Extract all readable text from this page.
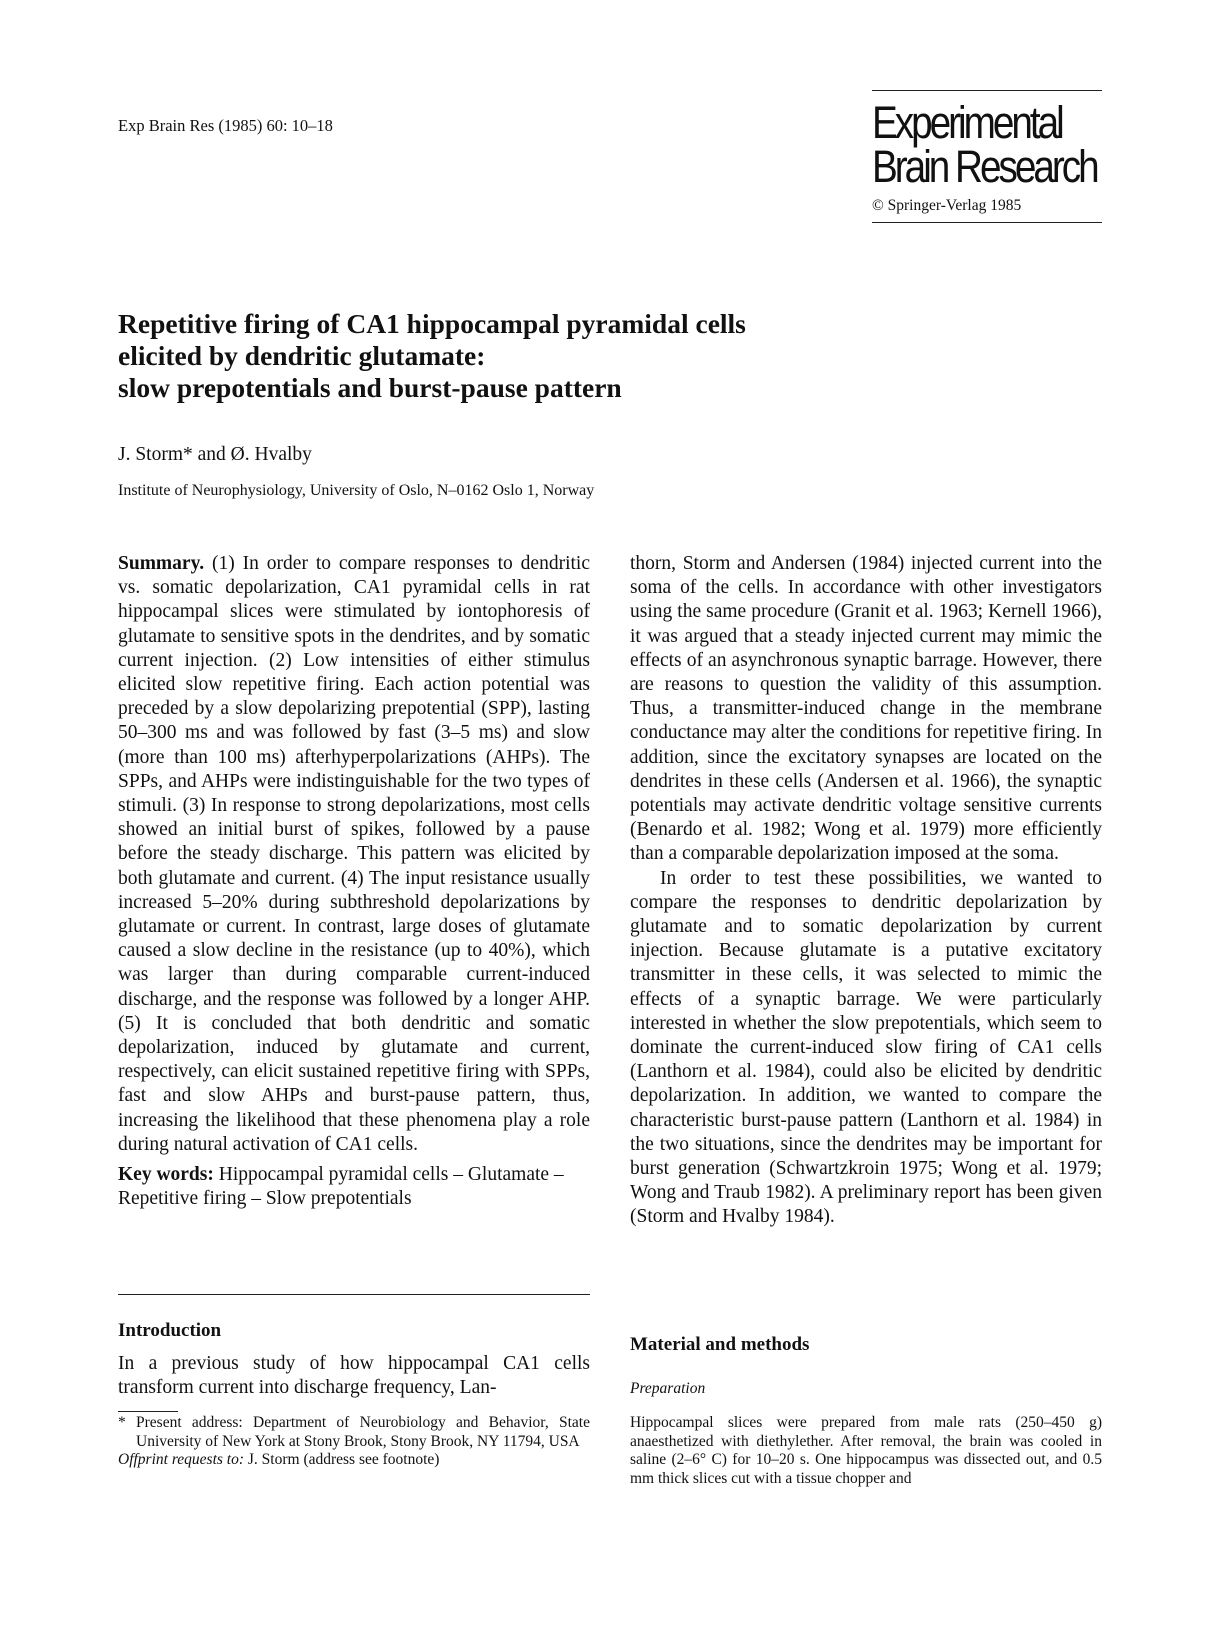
Exp Brain Res (1985) 60: 10–18	Experimental
Brain Research
© Springer-Verlag 1985
Repetitive firing of CA1 hippocampal pyramidal cells
elicited by dendritic glutamate:
slow prepotentials and burst-pause pattern
J. Storm* and Ø. Hvalby
Institute of Neurophysiology, University of Oslo, N–0162 Oslo 1, Norway

Summary. (1) In order to compare responses to dendritic vs. somatic depolarization, CA1 pyramidal cells in rat hippocampal slices were stimulated by iontophoresis of glutamate to sensitive spots in the dendrites, and by somatic current injection. (2) Low intensities of either stimulus elicited slow repetitive firing. Each action potential was preceded by a slow depolarizing prepotential (SPP), lasting 50–300 ms and was followed by fast (3–5 ms) and slow (more than 100 ms) afterhyperpolarizations (AHPs). The SPPs, and AHPs were indistinguishable for the two types of stimuli. (3) In response to strong depolarizations, most cells showed an initial burst of spikes, followed by a pause before the steady discharge. This pattern was elicited by both glutamate and current. (4) The input resistance usually increased 5–20% during subthreshold depolarizations by glutamate or current. In contrast, large doses of glutamate caused a slow decline in the resistance (up to 40%), which was larger than during comparable current-induced discharge, and the response was followed by a longer AHP. (5) It is concluded that both dendritic and somatic depolarization, induced by glutamate and current, respectively, can elicit sustained repetitive firing with SPPs, fast and slow AHPs and burst-pause pattern, thus, increasing the likelihood that these phenomena play a role during natural activation of CA1 cells.

Key words: Hippocampal pyramidal cells – Glutamate – Repetitive firing – Slow prepotentials

Introduction
In a previous study of how hippocampal CA1 cells transform current into discharge frequency, Lan-
* Present address: Department of Neurobiology and Behavior, State University of New York at Stony Brook, Stony Brook, NY 11794, USA
Offprint requests to: J. Storm (address see footnote)

thorn, Storm and Andersen (1984) injected current into the soma of the cells. In accordance with other investigators using the same procedure (Granit et al. 1963; Kernell 1966), it was argued that a steady injected current may mimic the effects of an asynchronous synaptic barrage. However, there are reasons to question the validity of this assumption. Thus, a transmitter-induced change in the membrane conductance may alter the conditions for repetitive firing. In addition, since the excitatory synapses are located on the dendrites in these cells (Andersen et al. 1966), the synaptic potentials may activate dendritic voltage sensitive currents (Benardo et al. 1982; Wong et al. 1979) more efficiently than a comparable depolarization imposed at the soma.

In order to test these possibilities, we wanted to compare the responses to dendritic depolarization by glutamate and to somatic depolarization by current injection. Because glutamate is a putative excitatory transmitter in these cells, it was selected to mimic the effects of a synaptic barrage. We were particularly interested in whether the slow prepotentials, which seem to dominate the current-induced slow firing of CA1 cells (Lanthorn et al. 1984), could also be elicited by dendritic depolarization. In addition, we wanted to compare the characteristic burst-pause pattern (Lanthorn et al. 1984) in the two situations, since the dendrites may be important for burst generation (Schwartzkroin 1975; Wong et al. 1979; Wong and Traub 1982). A preliminary report has been given (Storm and Hvalby 1984).

Material and methods
Preparation
Hippocampal slices were prepared from male rats (250–450 g) anaesthetized with diethylether. After removal, the brain was cooled in saline (2–6° C) for 10–20 s. One hippocampus was dissected out, and 0.5 mm thick slices cut with a tissue chopper and
